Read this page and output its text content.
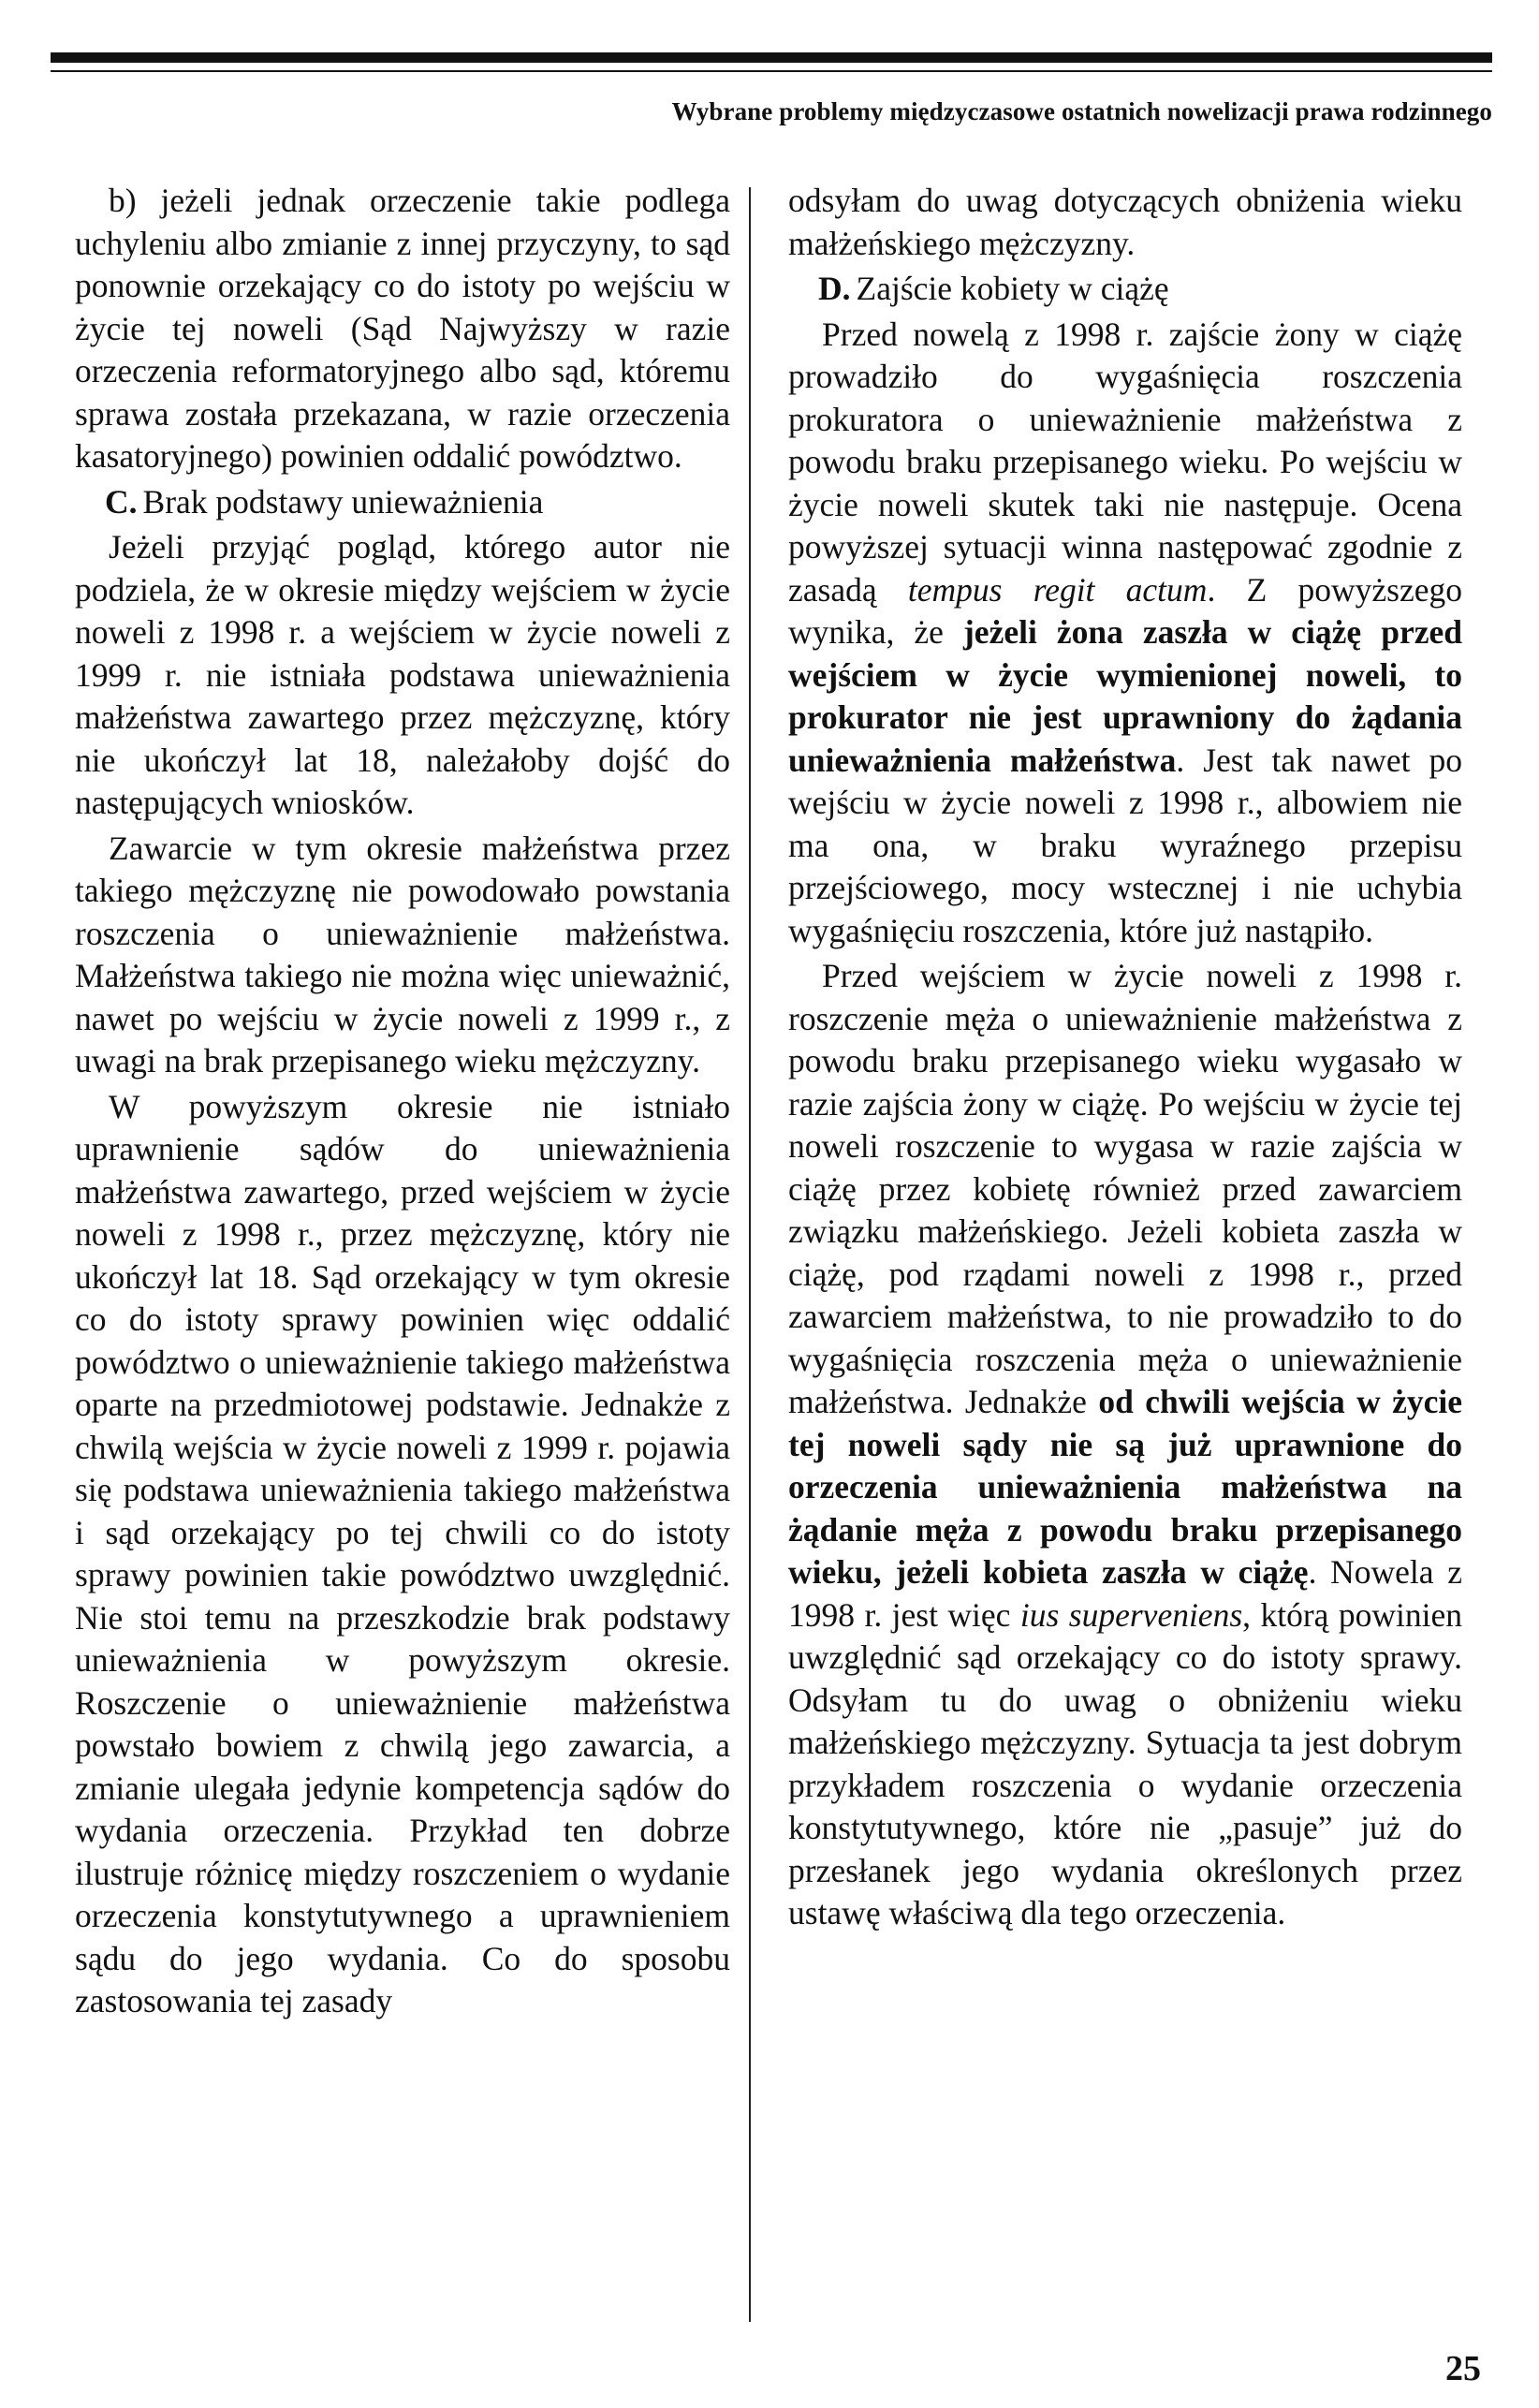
Wybrane problemy międzyczasowe ostatnich nowelizacji prawa rodzinnego

b) jeżeli jednak orzeczenie takie podlega uchyleniu albo zmianie z innej przyczyny, to sąd ponownie orzekający co do istoty po wejściu w życie tej noweli (Sąd Najwyższy w razie orzeczenia reformatoryjnego albo sąd, któremu sprawa została przekazana, w razie orzeczenia kasatoryjnego) powinien oddalić powództwo.

C. Brak podstawy unieważnienia

Jeżeli przyjąć pogląd, którego autor nie podziela, że w okresie między wejściem w życie noweli z 1998 r. a wejściem w życie noweli z 1999 r. nie istniała podstawa unieważnienia małżeństwa zawartego przez mężczyznę, który nie ukończył lat 18, należałoby dojść do następujących wniosków.

Zawarcie w tym okresie małżeństwa przez takiego mężczyznę nie powodowało powstania roszczenia o unieważnienie małżeństwa. Małżeństwa takiego nie można więc unieważnić, nawet po wejściu w życie noweli z 1999 r., z uwagi na brak przepisanego wieku mężczyzny.

W powyższym okresie nie istniało uprawnienie sądów do unieważnienia małżeństwa zawartego, przed wejściem w życie noweli z 1998 r., przez mężczyznę, który nie ukończył lat 18. Sąd orzekający w tym okresie co do istoty sprawy powinien więc oddalić powództwo o unieważnienie takiego małżeństwa oparte na przedmiotowej podstawie. Jednakże z chwilą wejścia w życie noweli z 1999 r. pojawia się podstawa unieważnienia takiego małżeństwa i sąd orzekający po tej chwili co do istoty sprawy powinien takie powództwo uwzględnić. Nie stoi temu na przeszkodzie brak podstawy unieważnienia w powyższym okresie. Roszczenie o unieważnienie małżeństwa powstało bowiem z chwilą jego zawarcia, a zmianie ulegała jedynie kompetencja sądów do wydania orzeczenia. Przykład ten dobrze ilustruje różnicę między roszczeniem o wydanie orzeczenia konstytutywnego a uprawnieniem sądu do jego wydania. Co do sposobu zastosowania tej zasady

odsyłam do uwag dotyczących obniżenia wieku małżeńskiego mężczyzny.

D. Zajście kobiety w ciążę

Przed nowelą z 1998 r. zajście żony w ciążę prowadziło do wygaśnięcia roszczenia prokuratora o unieważnienie małżeństwa z powodu braku przepisanego wieku. Po wejściu w życie noweli skutek taki nie następuje. Ocena powyższej sytuacji winna następować zgodnie z zasadą tempus regit actum. Z powyższego wynika, że jeżeli żona zaszła w ciążę przed wejściem w życie wymienionej noweli, to prokurator nie jest uprawniony do żądania unieważnienia małżeństwa. Jest tak nawet po wejściu w życie noweli z 1998 r., albowiem nie ma ona, w braku wyraźnego przepisu przejściowego, mocy wstecznej i nie uchybia wygaśnięciu roszczenia, które już nastąpiło.

Przed wejściem w życie noweli z 1998 r. roszczenie męża o unieważnienie małżeństwa z powodu braku przepisanego wieku wygasało w razie zajścia żony w ciążę. Po wejściu w życie tej noweli roszczenie to wygasa w razie zajścia w ciążę przez kobietę również przed zawarciem związku małżeńskiego. Jeżeli kobieta zaszła w ciążę, pod rządami noweli z 1998 r., przed zawarciem małżeństwa, to nie prowadziło to do wygaśnięcia roszczenia męża o unieważnienie małżeństwa. Jednakże od chwili wejścia w życie tej noweli sądy nie są już uprawnione do orzeczenia unieważnienia małżeństwa na żądanie męża z powodu braku przepisanego wieku, jeżeli kobieta zaszła w ciążę. Nowela z 1998 r. jest więc ius superveniens, którą powinien uwzględnić sąd orzekający co do istoty sprawy. Odsyłam tu do uwag o obniżeniu wieku małżeńskiego mężczyzny. Sytuacja ta jest dobrym przykładem roszczenia o wydanie orzeczenia konstytutywnego, które nie „pasuje” już do przesłanek jego wydania określonych przez ustawę właściwą dla tego orzeczenia.

25
